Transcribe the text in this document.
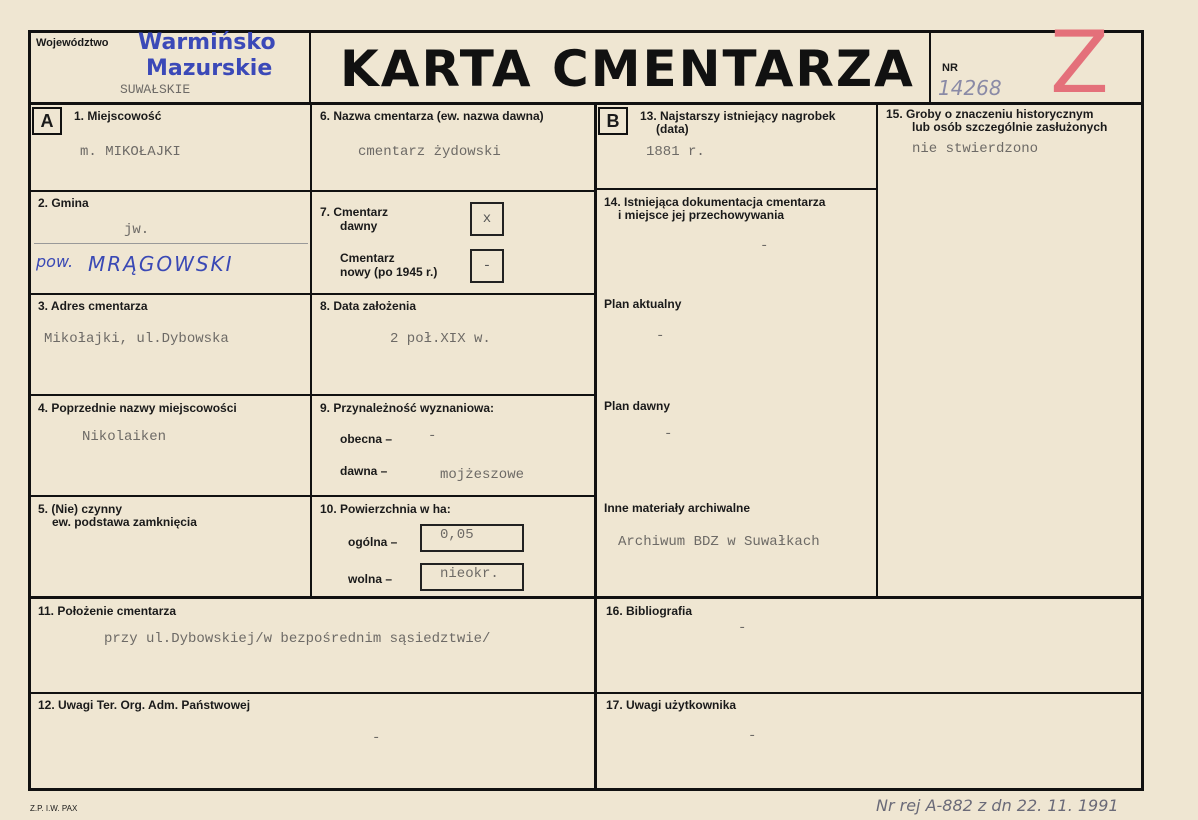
Województwo Warmińsko
Mazurskie
SUWAŁSKIE	KARTA CMENTARZA NR
14268 Z
A	B
1. Miejscowość
m. MIKOŁAJKI
2. Gmina
jw.
pow. MRĄGOWSKI
3. Adres cmentarza
Mikołajki, ul.Dybowska
4. Poprzednie nazwy miejscowości
Nikolaiken
5. (Nie) czynny
ew. podstawa zamknięcia
6. Nazwa cmentarza (ew. nazwa dawna)
cmentarz żydowski
7. Cmentarz
dawny	x
Cmentarz
nowy (po 1945 r.)	-
8. Data założenia
2 poł.XIX w.
9. Przynależność wyznaniowa:
obecna –	-
dawna –	mojżeszowe
10. Powierzchnia w ha:
ogólna –	0,05
wolna –	nieokr.
11. Położenie cmentarza
przy ul.Dybowskiej/w bezpośrednim sąsiedztwie/
12. Uwagi Ter. Org. Adm. Państwowej
-
13. Najstarszy istniejący nagrobek
(data)
1881 r.
14. Istniejąca dokumentacja cmentarza
i miejsce jej przechowywania
-
Plan aktualny
-
Plan dawny
-
Inne materiały archiwalne
Archiwum BDZ w Suwałkach
15. Groby o znaczeniu historycznym
lub osób szczególnie zasłużonych
nie stwierdzono
16. Bibliografia
-
17. Uwagi użytkownika
-
Z.P. I.W. PAX	Nr rej A-882 z dn 22. 11. 1991
